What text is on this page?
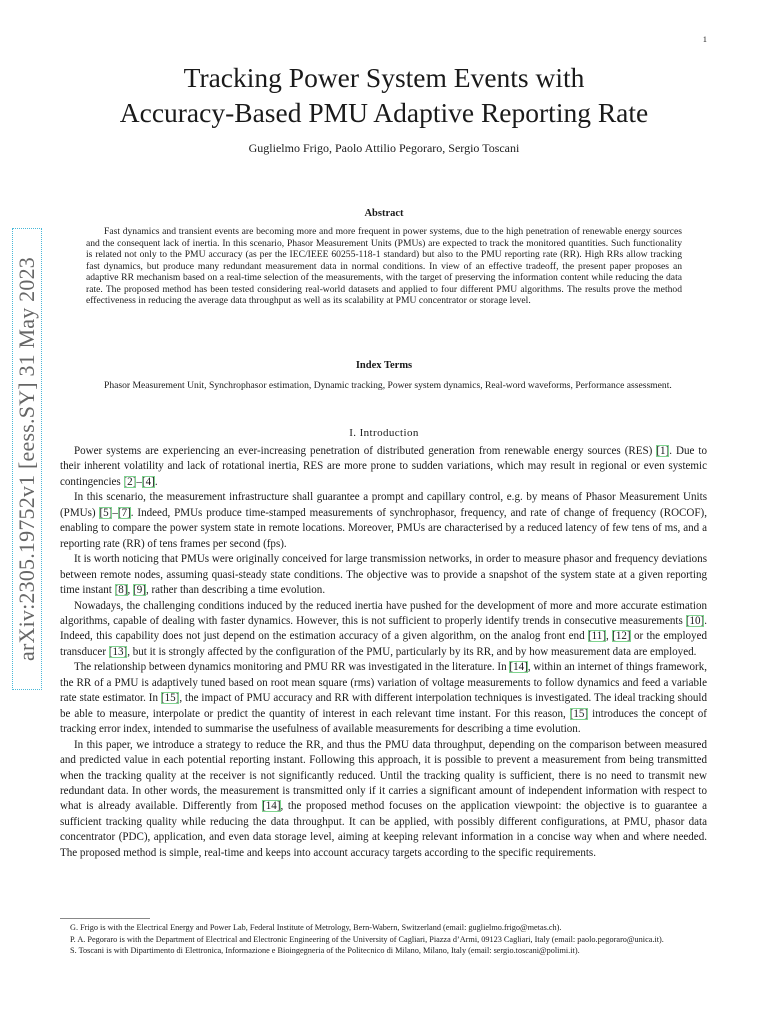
1
arXiv:2305.19752v1 [eess.SY] 31 May 2023
Tracking Power System Events with
Accuracy-Based PMU Adaptive Reporting Rate
Guglielmo Frigo, Paolo Attilio Pegoraro, Sergio Toscani
Abstract

Fast dynamics and transient events are becoming more and more frequent in power systems, due to the high penetration of renewable energy sources and the consequent lack of inertia. In this scenario, Phasor Measurement Units (PMUs) are expected to track the monitored quantities. Such functionality is related not only to the PMU accuracy (as per the IEC/IEEE 60255-118-1 standard) but also to the PMU reporting rate (RR). High RRs allow tracking fast dynamics, but produce many redundant measurement data in normal conditions. In view of an effective tradeoff, the present paper proposes an adaptive RR mechanism based on a real-time selection of the measurements, with the target of preserving the information content while reducing the data rate. The proposed method has been tested considering real-world datasets and applied to four different PMU algorithms. The results prove the method effectiveness in reducing the average data throughput as well as its scalability at PMU concentrator or storage level.

Index Terms

Phasor Measurement Unit, Synchrophasor estimation, Dynamic tracking, Power system dynamics, Real-word waveforms, Performance assessment.

I. Introduction

Power systems are experiencing an ever-increasing penetration of distributed generation from renewable energy sources (RES) [1]. Due to their inherent volatility and lack of rotational inertia, RES are more prone to sudden variations, which may result in regional or even systemic contingencies [2]–[4].

In this scenario, the measurement infrastructure shall guarantee a prompt and capillary control, e.g. by means of Phasor Measurement Units (PMUs) [5]–[7]. Indeed, PMUs produce time-stamped measurements of synchrophasor, frequency, and rate of change of frequency (ROCOF), enabling to compare the power system state in remote locations. Moreover, PMUs are characterised by a reduced latency of few tens of ms, and a reporting rate (RR) of tens frames per second (fps).

It is worth noticing that PMUs were originally conceived for large transmission networks, in order to measure phasor and frequency deviations between remote nodes, assuming quasi-steady state conditions. The objective was to provide a snapshot of the system state at a given reporting time instant [8], [9], rather than describing a time evolution.

Nowadays, the challenging conditions induced by the reduced inertia have pushed for the development of more and more accurate estimation algorithms, capable of dealing with faster dynamics. However, this is not sufficient to properly identify trends in consecutive measurements [10]. Indeed, this capability does not just depend on the estimation accuracy of a given algorithm, on the analog front end [11], [12] or the employed transducer [13], but it is strongly affected by the configuration of the PMU, particularly by its RR, and by how measurement data are employed.

The relationship between dynamics monitoring and PMU RR was investigated in the literature. In [14], within an internet of things framework, the RR of a PMU is adaptively tuned based on root mean square (rms) variation of voltage measurements to follow dynamics and feed a variable rate state estimator. In [15], the impact of PMU accuracy and RR with different interpolation techniques is investigated. The ideal tracking should be able to measure, interpolate or predict the quantity of interest in each relevant time instant. For this reason, [15] introduces the concept of tracking error index, intended to summarise the usefulness of available measurements for describing a time evolution.

In this paper, we introduce a strategy to reduce the RR, and thus the PMU data throughput, depending on the comparison between measured and predicted value in each potential reporting instant. Following this approach, it is possible to prevent a measurement from being transmitted when the tracking quality at the receiver is not significantly reduced. Until the tracking quality is sufficient, there is no need to transmit new redundant data. In other words, the measurement is transmitted only if it carries a significant amount of independent information with respect to what is already available. Differently from [14], the proposed method focuses on the application viewpoint: the objective is to guarantee a sufficient tracking quality while reducing the data throughput. It can be applied, with possibly different configurations, at PMU, phasor data concentrator (PDC), application, and even data storage level, aiming at keeping relevant information in a concise way when and where needed. The proposed method is simple, real-time and keeps into account accuracy targets according to the specific requirements.

G. Frigo is with the Electrical Energy and Power Lab, Federal Institute of Metrology, Bern-Wabern, Switzerland (email: guglielmo.frigo@metas.ch).

P. A. Pegoraro is with the Department of Electrical and Electronic Engineering of the University of Cagliari, Piazza d’Armi, 09123 Cagliari, Italy (email: paolo.pegoraro@unica.it).

S. Toscani is with Dipartimento di Elettronica, Informazione e Bioingegneria of the Politecnico di Milano, Milano, Italy (email: sergio.toscani@polimi.it).
